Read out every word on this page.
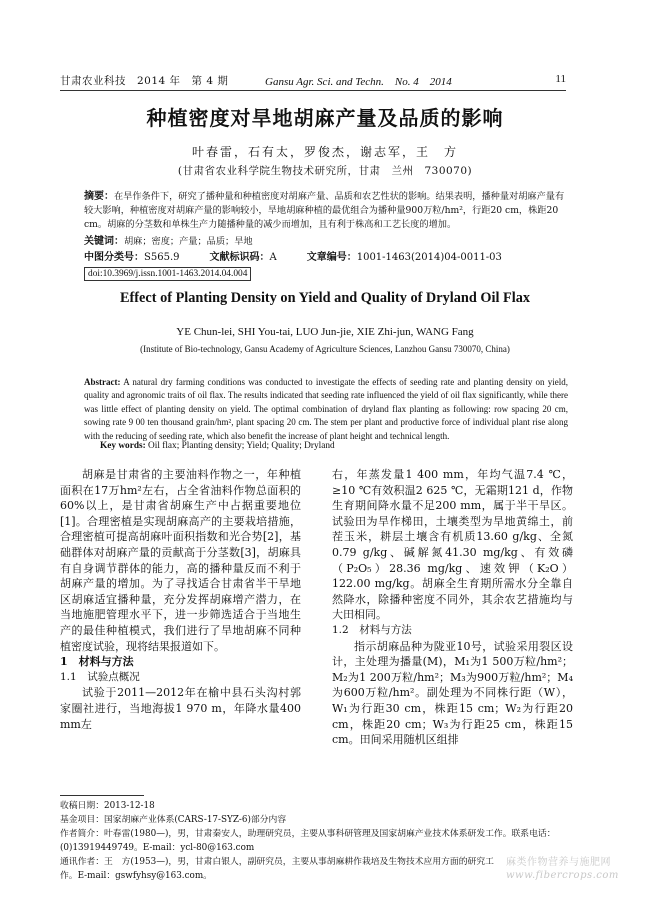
甘肃农业科技　2014 年　第 4 期	Gansu Agr. Sci. and Techn.　No. 4　2014	11
种植密度对旱地胡麻产量及品质的影响
叶春雷，石有太，罗俊杰，谢志军，王　方
(甘肃省农业科学院生物技术研究所，甘肃　兰州　730070)
摘要：在旱作条件下，研究了播种量和种植密度对胡麻产量、品质和农艺性状的影响。结果表明，播种量对胡麻产量有较大影响，种植密度对胡麻产量的影响较小，旱地胡麻种植的最优组合为播种量900万粒/hm²，行距20 cm，株距20 cm。胡麻的分茎数和单株生产力随播种量的减少而增加，且有利于株高和工艺长度的增加。
关键词：胡麻；密度；产量；品质；旱地
中图分类号：S565.9	文献标识码：A	文章编号：1001-1463(2014)04-0011-03
doi:10.3969/j.issn.1001-1463.2014.04.004
Effect of Planting Density on Yield and Quality of Dryland Oil Flax
YE Chun-lei, SHI You-tai, LUO Jun-jie, XIE Zhi-jun, WANG Fang
(Institute of Bio-technology, Gansu Academy of Agriculture Sciences, Lanzhou Gansu 730070, China)
Abstract: A natural dry farming conditions was conducted to investigate the effects of seeding rate and planting density on yield, quality and agronomic traits of oil flax. The results indicated that seeding rate influenced the yield of oil flax significantly, while there was little effect of planting density on yield. The optimal combination of dryland flax planting as following: row spacing 20 cm, sowing rate 9 00 ten thousand grain/hm², plant spacing 20 cm. The stem per plant and productive force of individual plant rise along with the reducing of seeding rate, which also benefit the increase of plant height and technical length.
Key words: Oil flax; Planting density; Yield; Quality; Dryland

胡麻是甘肃省的主要油料作物之一，年种植面积在17万hm²左右，占全省油料作物总面积的60%以上，是甘肃省胡麻生产中占据重要地位[1]。合理密植是实现胡麻高产的主要栽培措施，合理密植可提高胡麻叶面积指数和光合势[2]，基础群体对胡麻产量的贡献高于分茎数[3]，胡麻具有自身调节群体的能力，高的播种量反而不利于胡麻产量的增加。为了寻找适合甘肃省半干旱地区胡麻适宜播种量，充分发挥胡麻增产潜力，在当地施肥管理水平下，进一步筛选适合于当地生产的最佳种植模式，我们进行了旱地胡麻不同种植密度试验，现将结果报道如下。

1　材料与方法

1.1　试验点概况

试验于2011—2012年在榆中县石头沟村郭家圈社进行，当地海拔1 970 m，年降水量400 mm左

右，年蒸发量1 400 mm，年均气温7.4 ℃，≥10 ℃有效积温2 625 ℃，无霜期121 d，作物生育期间降水量不足200 mm，属于半干旱区。试验田为旱作梯田，土壤类型为旱地黄绵土，前茬玉米，耕层土壤含有机质13.60 g/kg、全氮0.79 g/kg、碱解氮41.30 mg/kg、有效磷（P₂O₅）28.36 mg/kg、速效钾（K₂O）122.00 mg/kg。胡麻全生育期所需水分全靠自然降水，除播种密度不同外，其余农艺措施均与大田相同。

1.2　材料与方法

指示胡麻品种为陇亚10号，试验采用裂区设计，主处理为播量(M)，M₁为1 500万粒/hm²；M₂为1 200万粒/hm²；M₃为900万粒/hm²；M₄为600万粒/hm²。副处理为不同株行距（W），W₁为行距30 cm，株距15 cm；W₂为行距20 cm，株距20 cm；W₃为行距25 cm，株距15 cm。田间采用随机区组排

收稿日期：2013-12-18
基金项目：国家胡麻产业体系(CARS-17-SYZ-6)部分内容
作者简介：叶春雷(1980—)，男，甘肃秦安人，助理研究员，主要从事科研管理及国家胡麻产业技术体系研发工作。联系电话：(0)13919449749。E-mail：ycl-80@163.com
通讯作者：王　方(1953—)，男，甘肃白银人，副研究员，主要从事胡麻耕作栽培及生物技术应用方面的研究工作。E-mail：gswfyhsy@163.com。
麻类作物营养与施肥网
www.fibercrops.com
